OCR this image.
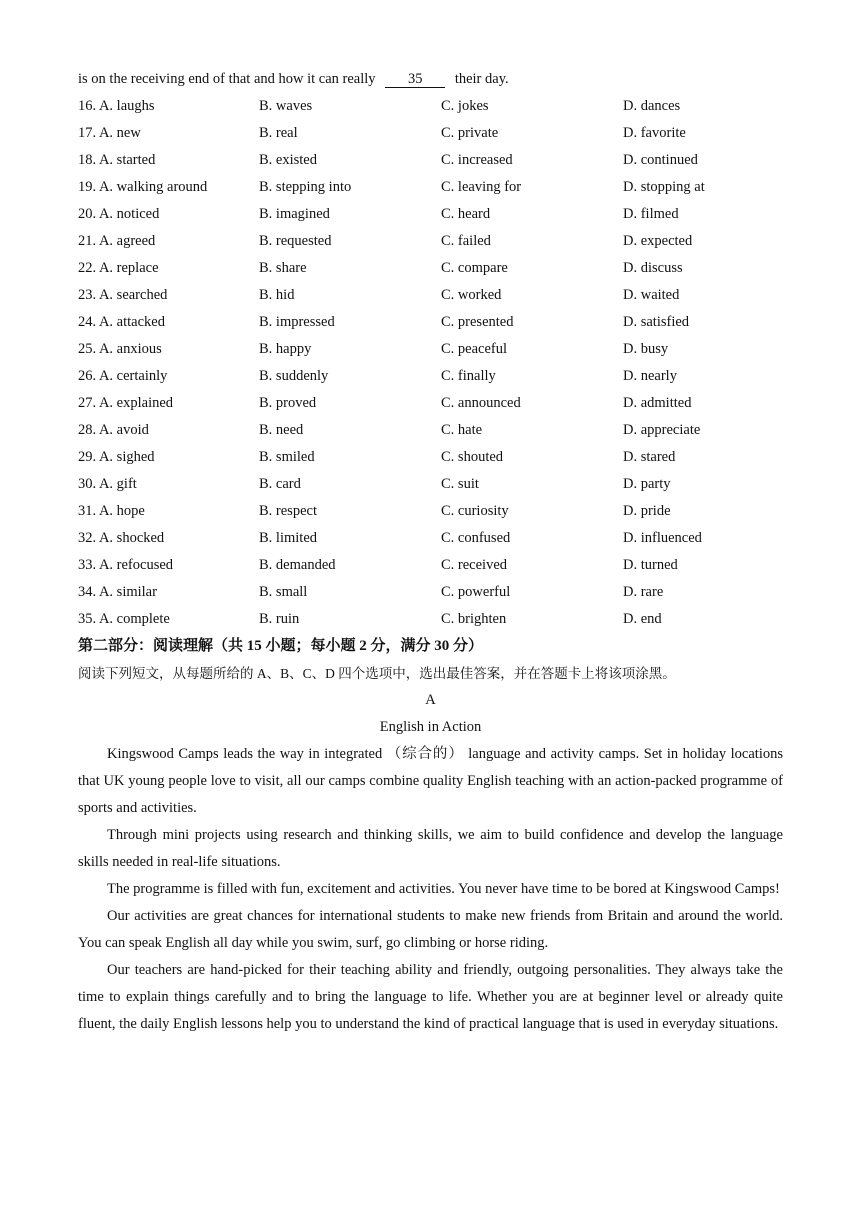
is on the receiving end of that and how it can really 35 their day.
16. A. laughs	B. waves	C. jokes	D. dances
17. A. new	B. real	C. private	D. favorite
18. A. started	B. existed	C. increased	D. continued
19. A. walking around	B. stepping into	C. leaving for	D. stopping at
20. A. noticed	B. imagined	C. heard	D. filmed
21. A. agreed	B. requested	C. failed	D. expected
22. A. replace	B. share	C. compare	D. discuss
23. A. searched	B. hid	C. worked	D. waited
24. A. attacked	B. impressed	C. presented	D. satisfied
25. A. anxious	B. happy	C. peaceful	D. busy
26. A. certainly	B. suddenly	C. finally	D. nearly
27. A. explained	B. proved	C. announced	D. admitted
28. A. avoid	B. need	C. hate	D. appreciate
29. A. sighed	B. smiled	C. shouted	D. stared
30. A. gift	B. card	C. suit	D. party
31. A. hope	B. respect	C. curiosity	D. pride
32. A. shocked	B. limited	C. confused	D. influenced
33. A. refocused	B. demanded	C. received	D. turned
34. A. similar	B. small	C. powerful	D. rare
35. A. complete	B. ruin	C. brighten	D. end
第二部分：阅读理解（共 15 小题；每小题 2 分，满分 30 分）
阅读下列短文，从每题所给的 A、B、C、D 四个选项中，选出最佳答案，并在答题卡上将该项涂黑。
A
English in Action

Kingswood Camps leads the way in integrated （综合的） language and activity camps. Set in holiday locations that UK young people love to visit, all our camps combine quality English teaching with an action-packed programme of sports and activities.

Through mini projects using research and thinking skills, we aim to build confidence and develop the language skills needed in real-life situations.

The programme is filled with fun, excitement and activities. You never have time to be bored at Kingswood Camps!

Our activities are great chances for international students to make new friends from Britain and around the world. You can speak English all day while you swim, surf, go climbing or horse riding.

Our teachers are hand-picked for their teaching ability and friendly, outgoing personalities. They always take the time to explain things carefully and to bring the language to life. Whether you are at beginner level or already quite fluent, the daily English lessons help you to understand the kind of practical language that is used in everyday situations.
